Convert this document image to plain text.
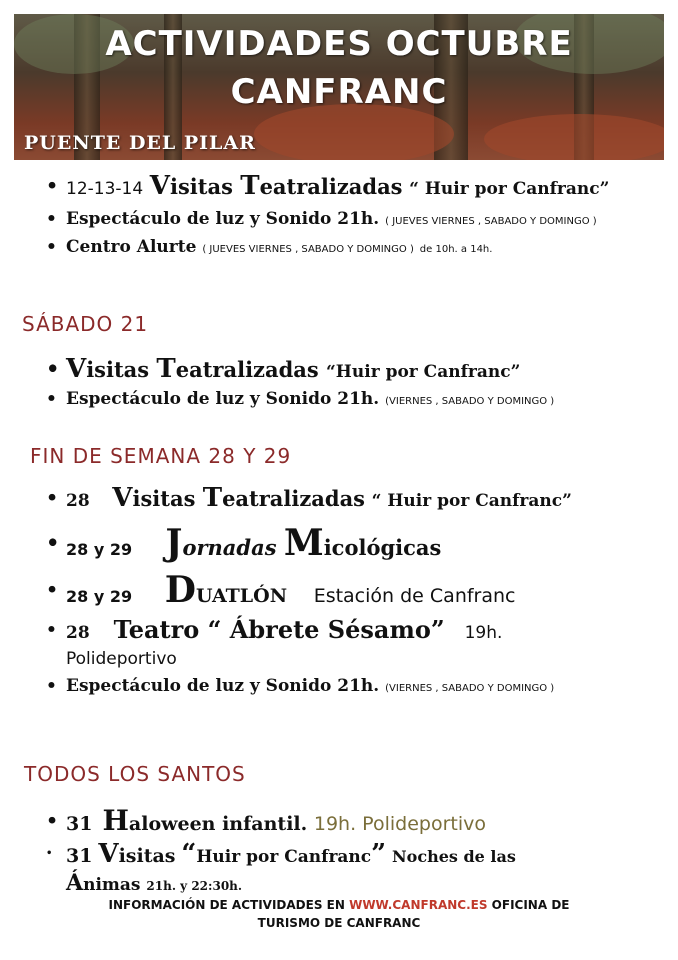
ACTIVIDADES OCTUBRE
CANFRANC
PUENTE DEL PILAR
• 12-13-14 Visitas Teatralizadas “ Huir por Canfranc”
• Espectáculo de luz y Sonido 21h. ( JUEVES VIERNES , SABADO Y DOMINGO )
• Centro Alurte ( JUEVES VIERNES , SABADO Y DOMINGO ) de 10h. a 14h.
SÁBADO 21
• Visitas Teatralizadas “Huir por Canfranc”
• Espectáculo de luz y Sonido 21h. (VIERNES , SABADO Y DOMINGO )
FIN DE SEMANA 28 Y 29
• 28 Visitas Teatralizadas “ Huir por Canfranc”
• 28 y 29 Jornadas Micológicas
• 28 y 29 DUATLÓN Estación de Canfranc
• 28 Teatro “ Ábrete Sésamo” 19h.
Polideportivo
• Espectáculo de luz y Sonido 21h. (VIERNES , SABADO Y DOMINGO )
TODOS LOS SANTOS
• 31 Haloween infantil. 19h. Polideportivo
• 31 Visitas “Huir por Canfranc” Noches de las
Ánimas 21h. y 22:30h.
INFORMACIÓN DE ACTIVIDADES EN WWW.CANFRANC.ES OFICINA DE
TURISMO DE CANFRANC
